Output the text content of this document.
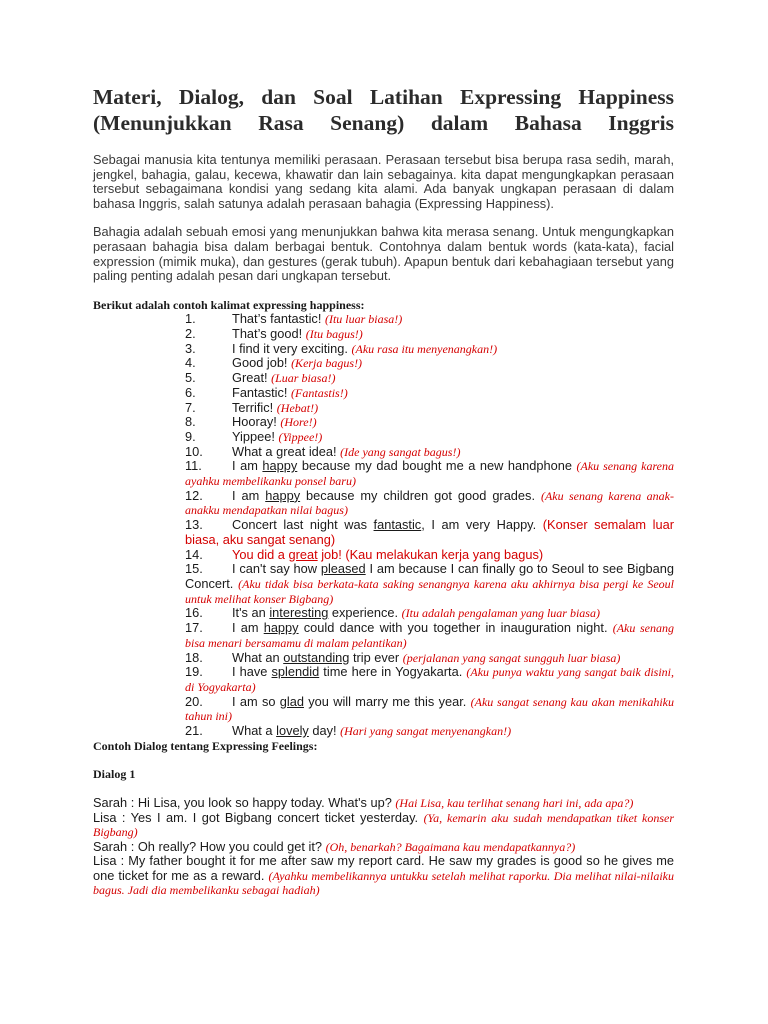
Materi, Dialog, dan Soal Latihan Expressing Happiness
(Menunjukkan Rasa Senang) dalam Bahasa Inggris

Sebagai manusia kita tentunya memiliki perasaan. Perasaan tersebut bisa berupa rasa sedih, marah, jengkel, bahagia, galau, kecewa, khawatir dan lain sebagainya. kita dapat mengungkapkan perasaan tersebut sebagaimana kondisi yang sedang kita alami. Ada banyak ungkapan perasaan di dalam bahasa Inggris, salah satunya adalah perasaan bahagia (Expressing Happiness).

Bahagia adalah sebuah emosi yang menunjukkan bahwa kita merasa senang. Untuk mengungkapkan perasaan bahagia bisa dalam berbagai bentuk. Contohnya dalam bentuk words (kata-kata), facial expression (mimik muka), dan gestures (gerak tubuh). Apapun bentuk dari kebahagiaan tersebut yang paling penting adalah pesan dari ungkapan tersebut.

Berikut adalah contoh kalimat expressing happiness:

1.	That’s fantastic! (Itu luar biasa!)
2.	That’s good! (Itu bagus!)
3.	I find it very exciting. (Aku rasa itu menyenangkan!)
4.	Good job! (Kerja bagus!)
5.	Great! (Luar biasa!)
6.	Fantastic! (Fantastis!)
7.	Terrific! (Hebat!)
8.	Hooray! (Hore!)
9.	Yippee! (Yippee!)
10. What a great idea! (Ide yang sangat bagus!)
11. I am happy because my dad bought me a new handphone (Aku senang karena ayahku membelikanku ponsel baru)
12. I am happy because my children got good grades. (Aku senang karena anak-anakku mendapatkan nilai bagus)
13. Concert last night was fantastic, I am very Happy. (Konser semalam luar biasa, aku sangat senang)
14. You did a great job! (Kau melakukan kerja yang bagus)
15. I can't say how pleased I am because I can finally go to Seoul to see Bigbang Concert. (Aku tidak bisa berkata-kata saking senangnya karena aku akhirnya bisa pergi ke Seoul untuk melihat konser Bigbang)
16. It's an interesting experience. (Itu adalah pengalaman yang luar biasa)
17. I am happy could dance with you together in inauguration night. (Aku senang bisa menari bersamamu di malam pelantikan)
18. What an outstanding trip ever (perjalanan yang sangat sungguh luar biasa)
19. I have splendid time here in Yogyakarta. (Aku punya waktu yang sangat baik disini, di Yogyakarta)
20. I am so glad you will marry me this year. (Aku sangat senang kau akan menikahiku tahun ini)
21. What a lovely day! (Hari yang sangat menyenangkan!)

Contoh Dialog tentang Expressing Feelings:

Dialog 1

Sarah : Hi Lisa, you look so happy today. What's up? (Hai Lisa, kau terlihat senang hari ini, ada apa?)

Lisa : Yes I am. I got Bigbang concert ticket yesterday. (Ya, kemarin aku sudah mendapatkan tiket konser Bigbang)

Sarah : Oh really? How you could get it? (Oh, benarkah? Bagaimana kau mendapatkannya?)

Lisa : My father bought it for me after saw my report card. He saw my grades is good so he gives me one ticket for me as a reward. (Ayahku membelikannya untukku setelah melihat raporku. Dia melihat nilai-nilaiku bagus. Jadi dia membelikanku sebagai hadiah)
